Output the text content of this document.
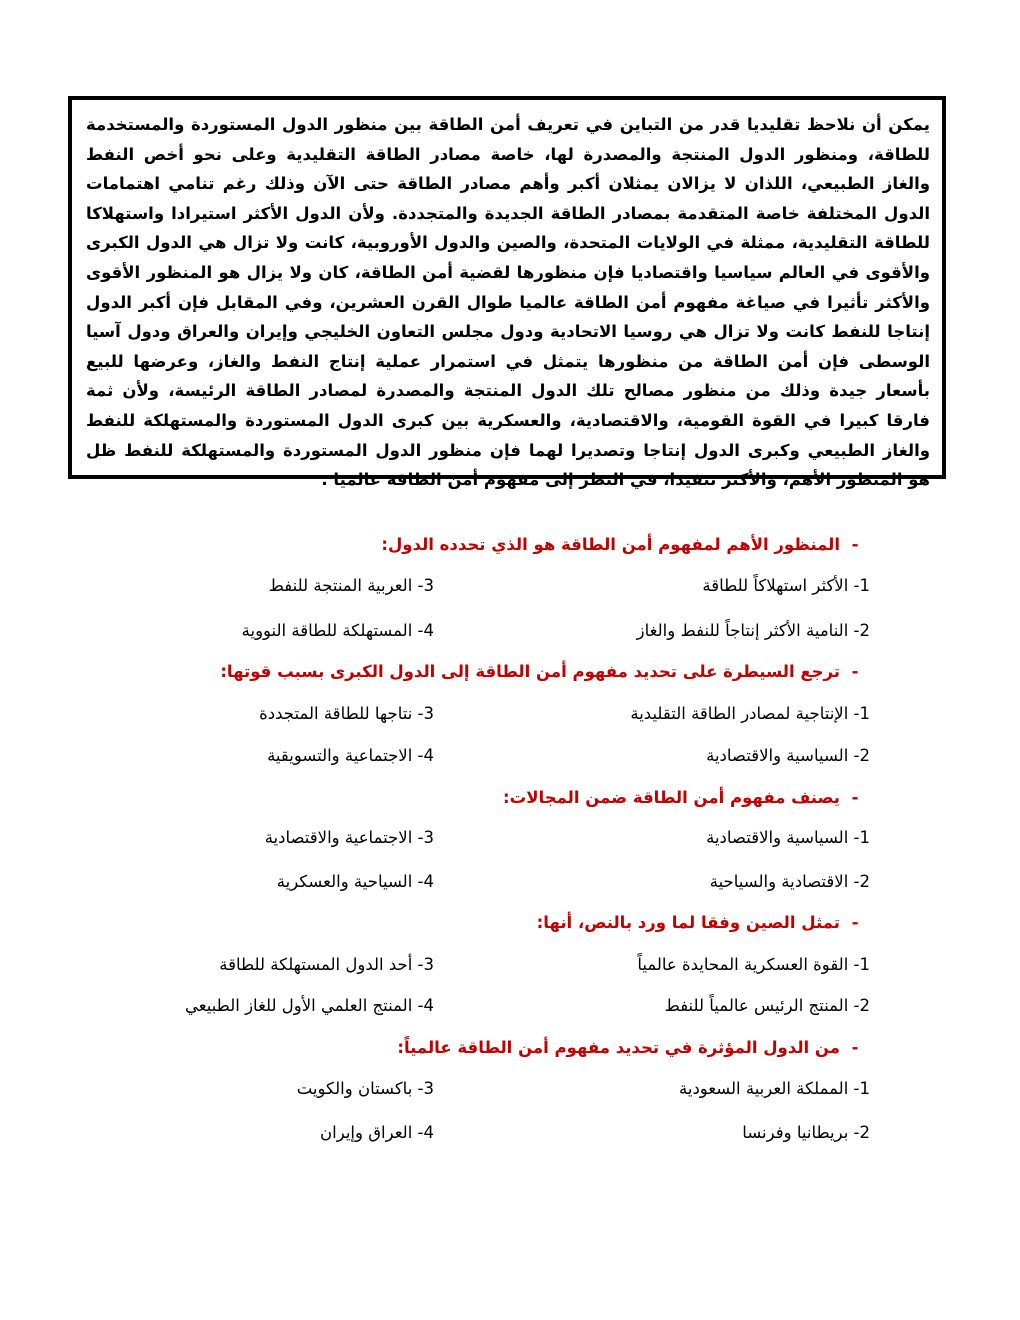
يمكن أن نلاحظ تقليديا قدر من التباين في تعريف أمن الطاقة بين منظور الدول المستوردة والمستخدمة للطاقة، ومنظور الدول المنتجة والمصدرة لها، خاصة مصادر الطاقة التقليدية وعلى نحو أخص النفط والغاز الطبيعي، اللذان لا يزالان يمثلان أكبر وأهم مصادر الطاقة حتى الآن وذلك رغم تنامي اهتمامات الدول المختلفة خاصة المتقدمة بمصادر الطاقة الجديدة والمتجددة. ولأن الدول الأكثر استيرادا واستهلاكا للطاقة التقليدية، ممثلة في الولايات المتحدة، والصين والدول الأوروبية، كانت ولا تزال هي الدول الكبرى والأقوى في العالم سياسيا واقتصاديا فإن منظورها لقضية أمن الطاقة، كان ولا يزال هو المنظور الأقوى والأكثر تأثيرا في صياغة مفهوم أمن الطاقة عالميا طوال القرن العشرين، وفي المقابل فإن أكبر الدول إنتاجا للنفط كانت ولا تزال هي روسيا الاتحادية ودول مجلس التعاون الخليجي وإيران والعراق ودول آسيا الوسطى فإن أمن الطاقة من منظورها يتمثل في استمرار عملية إنتاج النفط والغاز، وعرضها للبيع بأسعار جيدة وذلك من منظور مصالح تلك الدول المنتجة والمصدرة لمصادر الطاقة الرئيسة، ولأن ثمة فارقا كبيرا في القوة القومية، والاقتصادية، والعسكرية بين كبرى الدول المستوردة والمستهلكة للنفط والغاز الطبيعي وكبرى الدول إنتاجا وتصديرا لهما فإن منظور الدول المستوردة والمستهلكة للنفط ظل هو المنظور الأهم، والأكثر تنفيذا، في النظر إلى مفهوم أمن الطاقة عالميا .
-المنظور الأهم لمفهوم أمن الطاقة هو الذي تحدده الدول:
1- الأكثر استهلاكاً للطاقة
3- العربية المنتجة للنفط
2- النامية الأكثر إنتاجاً للنفط والغاز
4- المستهلكة للطاقة النووية
-ترجع السيطرة على تحديد مفهوم أمن الطاقة إلى الدول الكبرى بسبب قوتها:
1- الإنتاجية لمصادر الطاقة التقليدية
3- نتاجها للطاقة المتجددة
2- السياسية والاقتصادية
4- الاجتماعية والتسويقية
-يصنف مفهوم أمن الطاقة ضمن المجالات:
1- السياسية والاقتصادية
3- الاجتماعية والاقتصادية
2- الاقتصادية والسياحية
4- السياحية والعسكرية
-تمثل الصين وفقا لما ورد بالنص، أنها:
1- القوة العسكرية المحايدة عالمياً
3- أحد الدول المستهلكة للطاقة
2- المنتج الرئيس عالمياً للنفط
4- المنتج العلمي الأول للغاز الطبيعي
-من الدول المؤثرة في تحديد مفهوم أمن الطاقة عالمياً:
1- المملكة العربية السعودية
3- باكستان والكويت
2- بريطانيا وفرنسا
4- العراق وإيران
